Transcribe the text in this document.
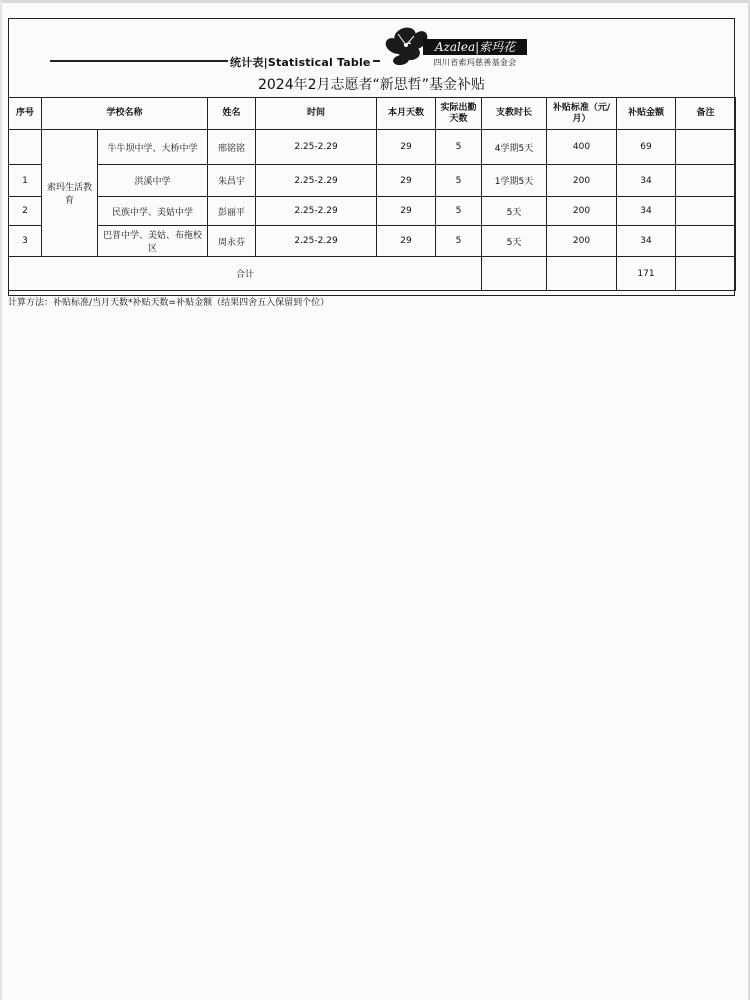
统计表|Statistical Table
Azalea|索玛花
四川省索玛慈善基金会
2024年2月志愿者“新思哲”基金补贴
序号	学校名称		姓名	时间	本月天数	实际出勤天数	支教时长	补贴标准（元/月）	补贴金额	备注
	索玛生活教育	牛牛坝中学、大桥中学	邢铭铭	2.25-2.29	29	5	4学期5天	400	69	
1		洪溪中学	朱昌宇	2.25-2.29	29	5	1学期5天	200	34	
2		民族中学、美姑中学	彭丽平	2.25-2.29	29	5	5天	200	34	
3		巴普中学、美姑、布拖校区	周永芬	2.25-2.29	29	5	5天	200	34	
合计									171	
计算方法：补贴标准/当月天数*补贴天数=补贴金额（结果四舍五入保留到个位）
